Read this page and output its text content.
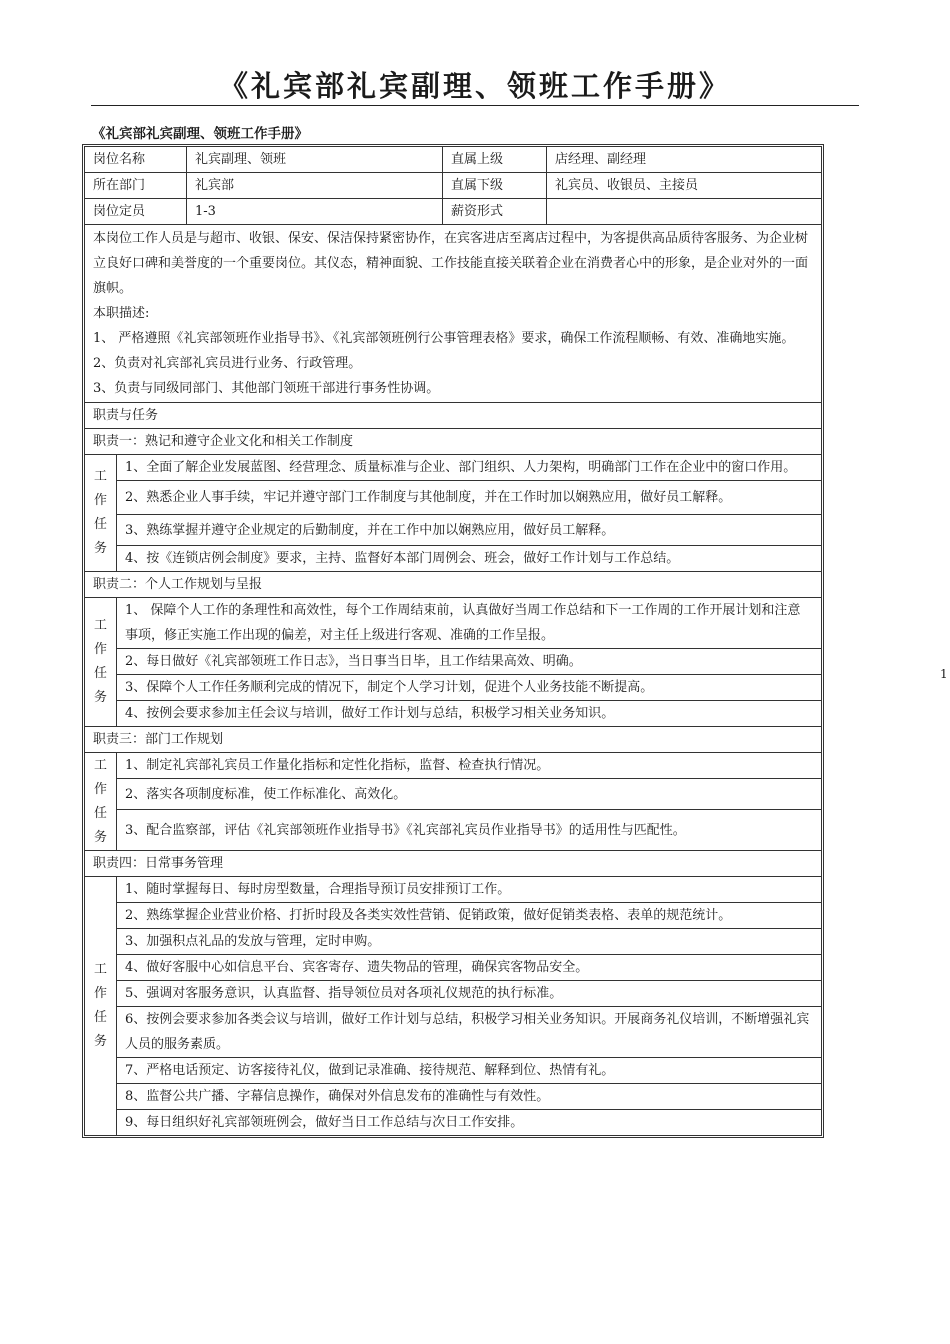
《礼宾部礼宾副理、领班工作手册》
《礼宾部礼宾副理、领班工作手册》
1
岗位名称		礼宾副理、领班	直属上级	店经理、副经理
所在部门		礼宾部	直属下级	礼宾员、收银员、主接员
岗位定员		1-3	薪资形式	

本岗位工作人员是与超市、收银、保安、保洁保持紧密协作，在宾客进店至离店过程中，为客提供高品质待客服务、为企业树立良好口碑和美誉度的一个重要岗位。其仪态，精神面貌、工作技能直接关联着企业在消费者心中的形象，是企业对外的一面旗帜。

本职描述:

1、 严格遵照《礼宾部领班作业指导书》、《礼宾部领班例行公事管理表格》要求，确保工作流程顺畅、有效、准确地实施。

2、负责对礼宾部礼宾员进行业务、行政管理。

3、负责与同级同部门、其他部门领班干部进行事务性协调。				

职责与任务				
职责一：熟记和遵守企业文化和相关工作制度				

工
作
任
务	1、全面了解企业发展蓝图、经营理念、质量标准与企业、部门组织、人力架构，明确部门工作在企业中的窗口作用。			
	2、熟悉企业人事手续，牢记并遵守部门工作制度与其他制度，并在工作时加以娴熟应用，做好员工解释。			
	3、熟练掌握并遵守企业规定的后勤制度，并在工作中加以娴熟应用，做好员工解释。			
	4、按《连锁店例会制度》要求，主持、监督好本部门周例会、班会，做好工作计划与工作总结。			
职责二：个人工作规划与呈报				

工
作
任
务	1、 保障个人工作的条理性和高效性，每个工作周结束前，认真做好当周工作总结和下一工作周的工作开展计划和注意事项，修正实施工作出现的偏差，对主任上级进行客观、准确的工作呈报。			
	2、每日做好《礼宾部领班工作日志》，当日事当日毕，且工作结果高效、明确。			
	3、保障个人工作任务顺利完成的情况下，制定个人学习计划，促进个人业务技能不断提高。			
	4、按例会要求参加主任会议与培训，做好工作计划与总结，积极学习相关业务知识。			
职责三：部门工作规划				

工
作
任
务	1、制定礼宾部礼宾员工作量化指标和定性化指标，监督、检查执行情况。			
	2、落实各项制度标准，使工作标准化、高效化。			
	3、配合监察部，评估《礼宾部领班作业指导书》《礼宾部礼宾员作业指导书》的适用性与匹配性。			
职责四：日常事务管理				

工
作
任
务	1、随时掌握每日、每时房型数量，合理指导预订员安排预订工作。			
	2、熟练掌握企业营业价格、打折时段及各类实效性营销、促销政策，做好促销类表格、表单的规范统计。			
	3、加强积点礼品的发放与管理，定时申购。			
	4、做好客服中心如信息平台、宾客寄存、遗失物品的管理，确保宾客物品安全。			
	5、强调对客服务意识，认真监督、指导领位员对各项礼仪规范的执行标准。			
	6、按例会要求参加各类会议与培训，做好工作计划与总结，积极学习相关业务知识。开展商务礼仪培训，不断增强礼宾人员的服务素质。			
	7、严格电话预定、访客接待礼仪，做到记录准确、接待规范、解释到位、热情有礼。			
	8、监督公共广播、字幕信息操作，确保对外信息发布的准确性与有效性。			
	9、每日组织好礼宾部领班例会，做好当日工作总结与次日工作安排。			
